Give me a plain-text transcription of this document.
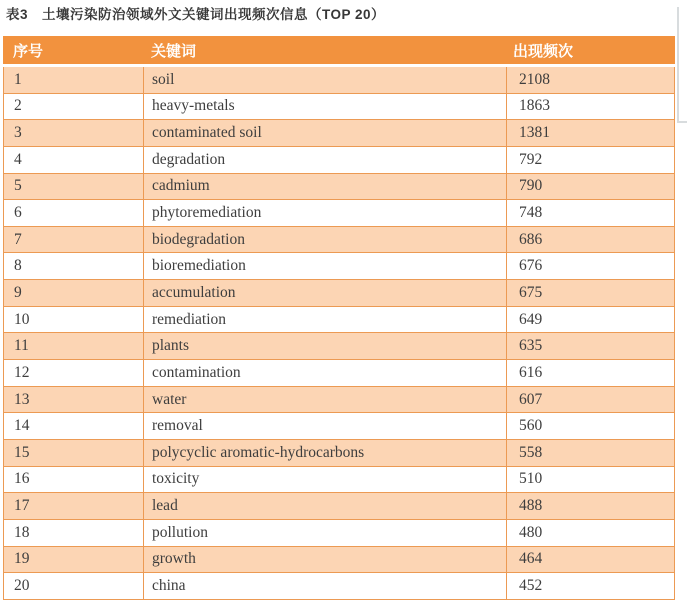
表3　土壤污染防治领域外文关键词出现频次信息（TOP 20）
序号	关键词	出现频次
1	soil	2108
2	heavy-metals	1863
3	contaminated soil	1381
4	degradation	792
5	cadmium	790
6	phytoremediation	748
7	biodegradation	686
8	bioremediation	676
9	accumulation	675
10	remediation	649
11	plants	635
12	contamination	616
13	water	607
14	removal	560
15	polycyclic aromatic-hydrocarbons	558
16	toxicity	510
17	lead	488
18	pollution	480
19	growth	464
20	china	452
